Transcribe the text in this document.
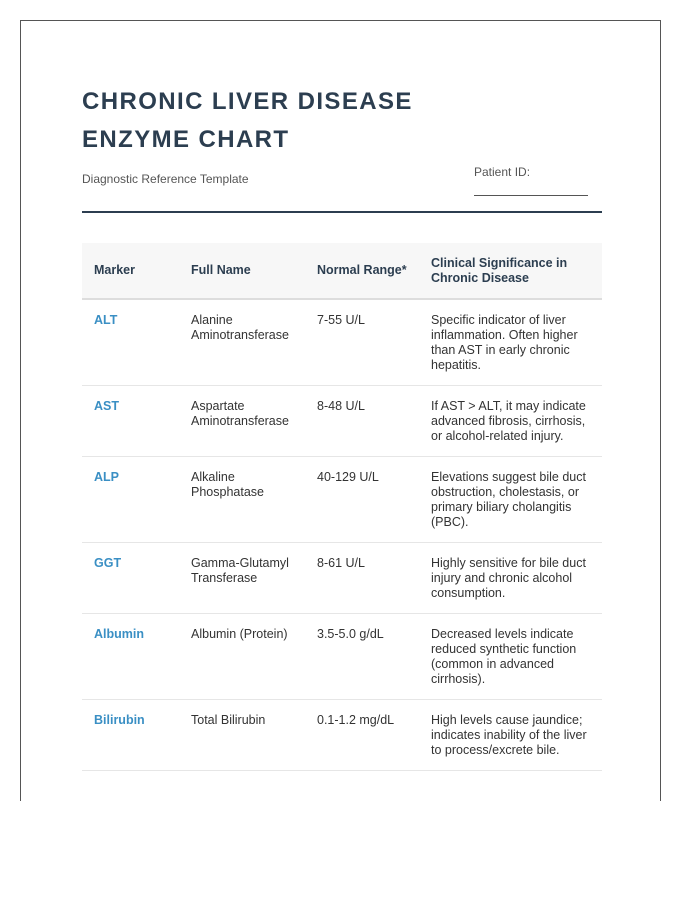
CHRONIC LIVER DISEASE
ENZYME CHART
Diagnostic Reference Template	Patient ID:
Marker	Full Name	Normal Range*	Clinical Significance in Chronic Disease
ALT	Alanine Aminotransferase	7-55 U/L	Specific indicator of liver inflammation. Often higher than AST in early chronic hepatitis.
AST	Aspartate Aminotransferase	8-48 U/L	If AST > ALT, it may indicate advanced fibrosis, cirrhosis, or alcohol-related injury.
ALP	Alkaline Phosphatase	40-129 U/L	Elevations suggest bile duct obstruction, cholestasis, or primary biliary cholangitis (PBC).
GGT	Gamma-Glutamyl Transferase	8-61 U/L	Highly sensitive for bile duct injury and chronic alcohol consumption.
Albumin	Albumin (Protein)	3.5-5.0 g/dL	Decreased levels indicate reduced synthetic function (common in advanced cirrhosis).
Bilirubin	Total Bilirubin	0.1-1.2 mg/dL	High levels cause jaundice; indicates inability of the liver to process/excrete bile.
